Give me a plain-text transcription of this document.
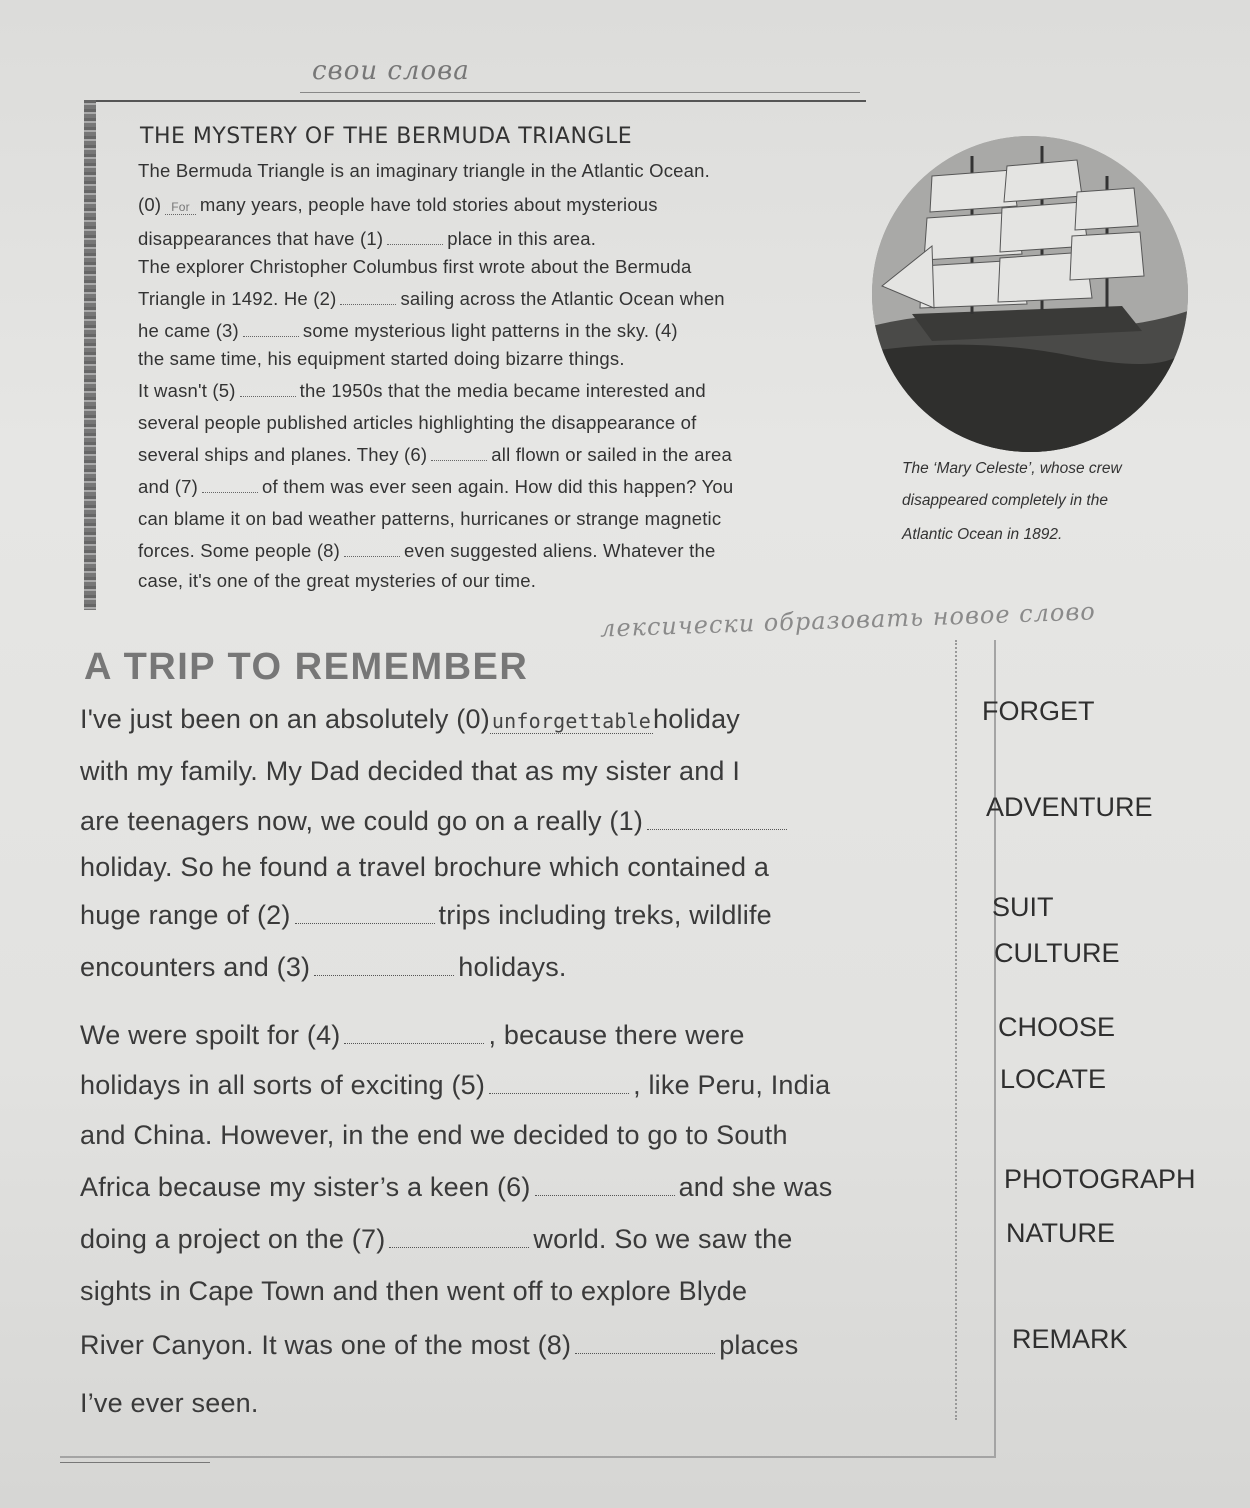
свои слова
THE MYSTERY OF THE BERMUDA TRIANGLE
The Bermuda Triangle is an imaginary triangle in the Atlantic Ocean.
(0) For many years, people have told stories about mysterious
disappearances that have (1)	place in this area.
The explorer Christopher Columbus first wrote about the Bermuda
Triangle in 1492. He (2)	sailing across the Atlantic Ocean when
he came (3)	some mysterious light patterns in the sky. (4)
the same time, his equipment started doing bizarre things.
It wasn't (5)	the 1950s that the media became interested and
several people published articles highlighting the disappearance of
several ships and planes. They (6)	all flown or sailed in the area
and (7)	of them was ever seen again. How did this happen? You
can blame it on bad weather patterns, hurricanes or strange magnetic
forces. Some people (8)	even suggested aliens. Whatever the
case, it's one of the great mysteries of our time.
The ‘Mary Celeste’, whose crew
disappeared completely in the
Atlantic Ocean in 1892.
лексически образовать новое слово
A TRIP TO REMEMBER
I've just been on an absolutely (0) unforgettableholiday
with my family. My Dad decided that as my sister and I
are teenagers now, we could go on a really (1)
holiday. So he found a travel brochure which contained a
huge range of (2)	trips including treks, wildlife
encounters and (3)	holidays.
We were spoilt for (4)	, because there were
holidays in all sorts of exciting (5)	, like Peru, India
and China. However, in the end we decided to go to South
Africa because my sister’s a keen (6)	and she was
doing a project on the (7)	world. So we saw the
sights in Cape Town and then went off to explore Blyde
River Canyon. It was one of the most (8)	places
I’ve ever seen.
FORGET
ADVENTURE
SUIT
CULTURE
CHOOSE
LOCATE
PHOTOGRAPH
NATURE
REMARK
